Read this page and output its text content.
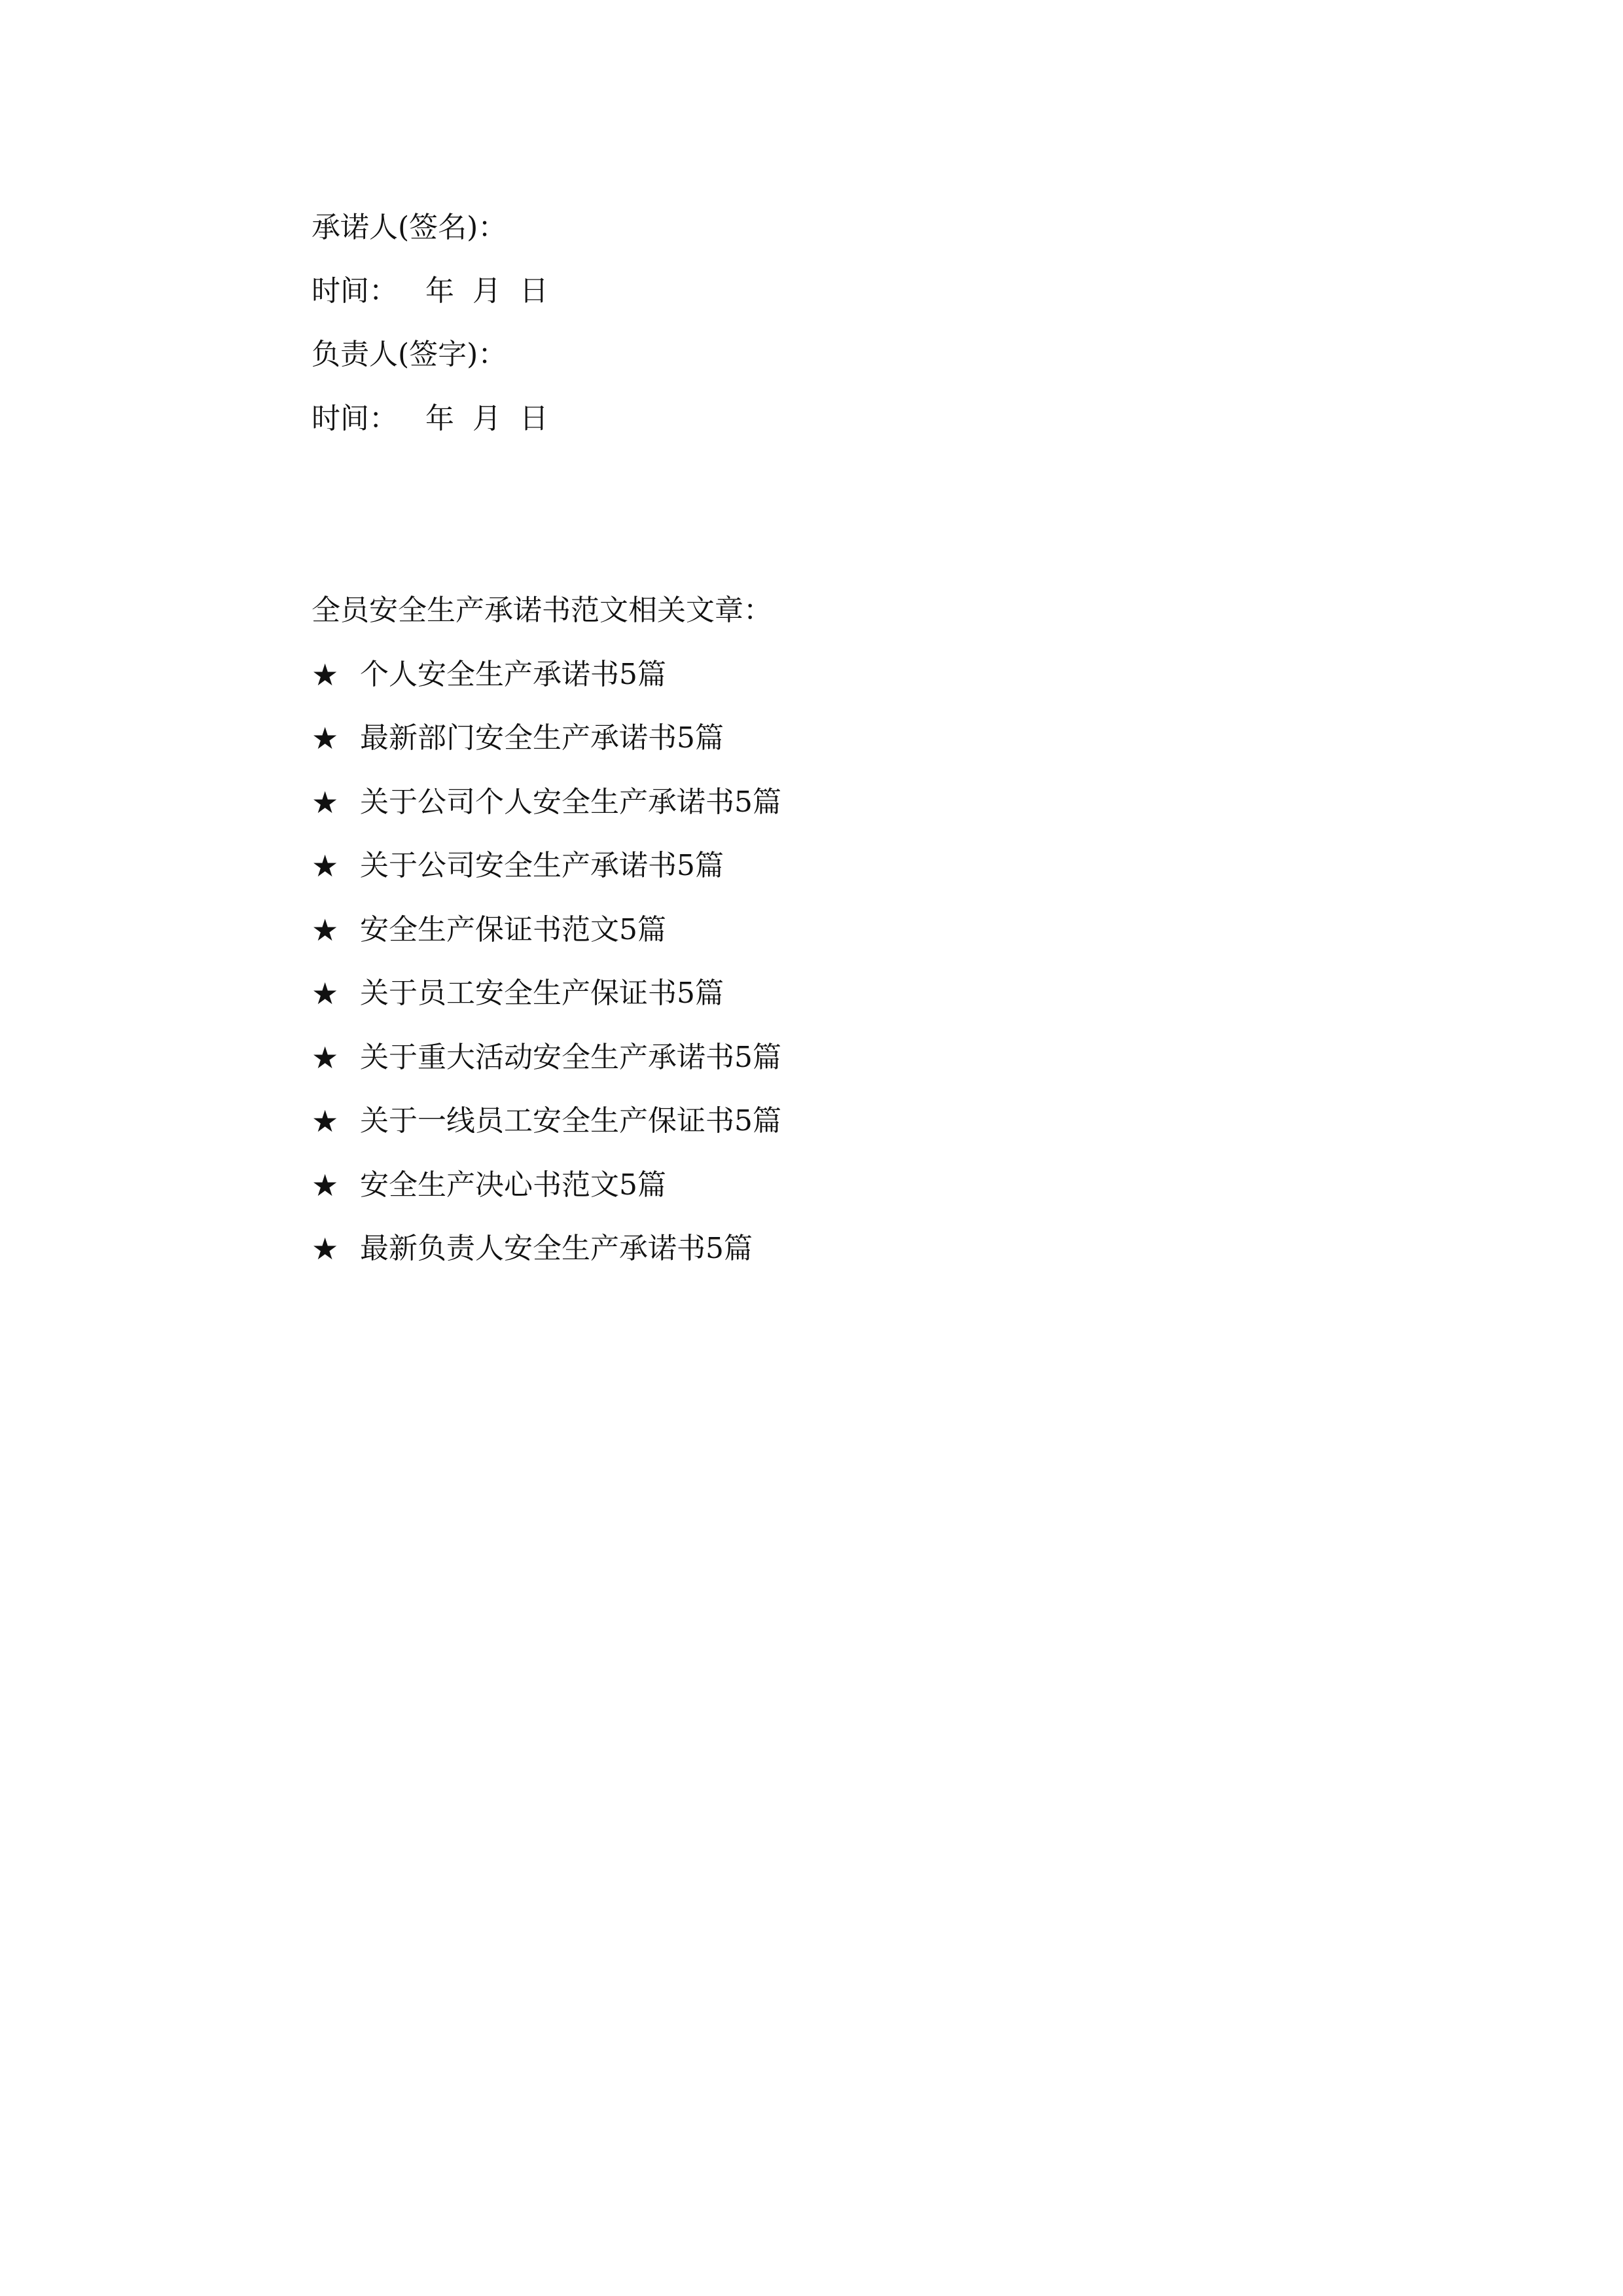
承诺人(签名)：
时间：   年  月  日
负责人(签字)：
时间：   年  月  日
全员安全生产承诺书范文相关文章：
★ 个人安全生产承诺书5篇
★ 最新部门安全生产承诺书5篇
★ 关于公司个人安全生产承诺书5篇
★ 关于公司安全生产承诺书5篇
★ 安全生产保证书范文5篇
★ 关于员工安全生产保证书5篇
★ 关于重大活动安全生产承诺书5篇
★ 关于一线员工安全生产保证书5篇
★ 安全生产决心书范文5篇
★ 最新负责人安全生产承诺书5篇
